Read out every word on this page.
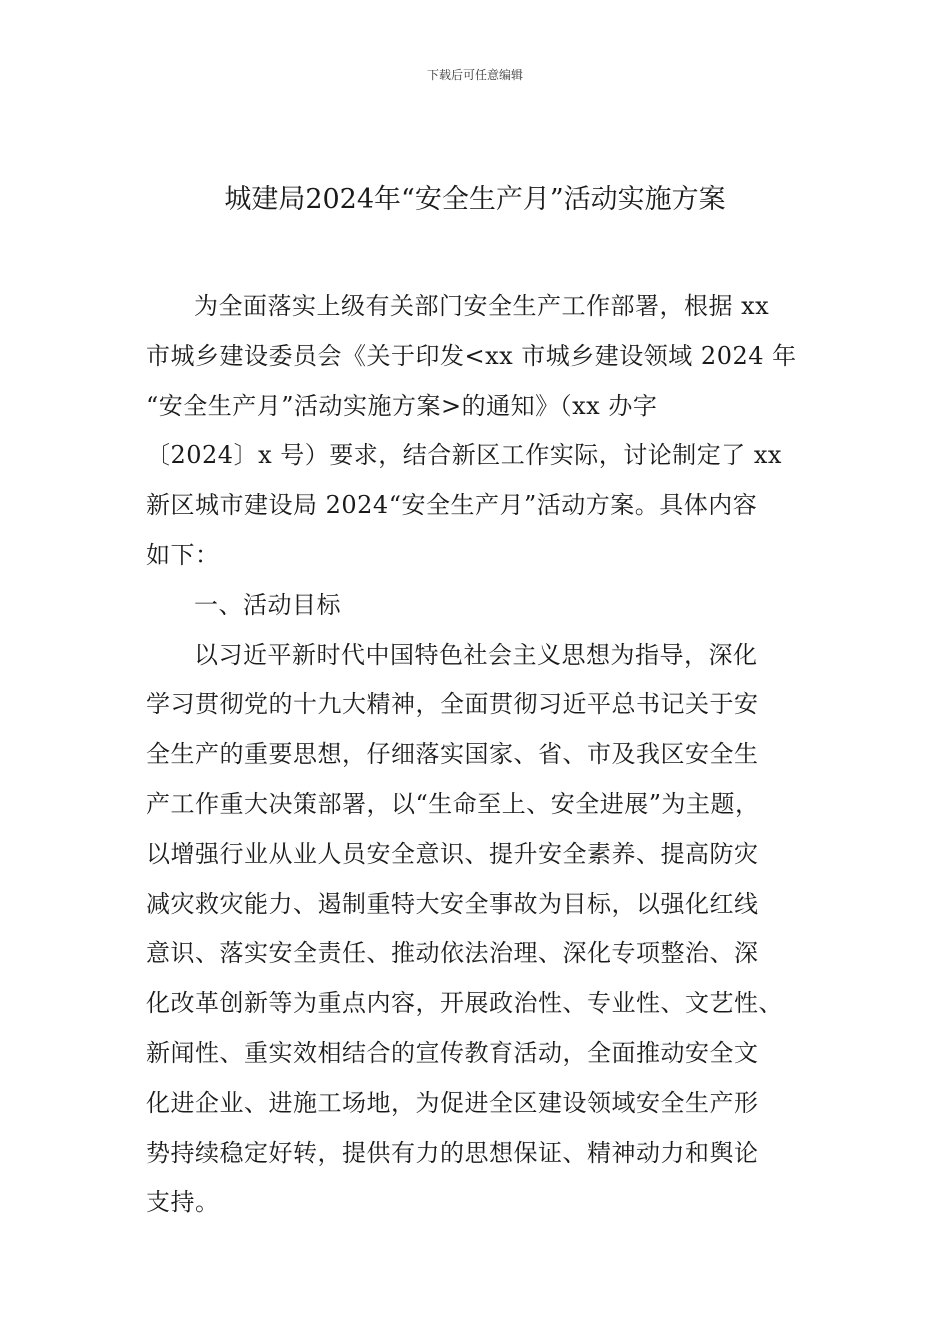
下载后可任意编辑
城建局2024年“安全生产月”活动实施方案
为全面落实上级有关部门安全生产工作部署，根据 xx
市城乡建设委员会《关于印发<xx 市城乡建设领域 2024 年
“安全生产月”活动实施方案>的通知》（xx 办字
〔2024〕x 号）要求，结合新区工作实际，讨论制定了 xx
新区城市建设局 2024“安全生产月”活动方案。具体内容
如下：
一、活动目标
以习近平新时代中国特色社会主义思想为指导，深化
学习贯彻党的十九大精神，全面贯彻习近平总书记关于安
全生产的重要思想，仔细落实国家、省、市及我区安全生
产工作重大决策部署，以“生命至上、安全进展”为主题，
以增强行业从业人员安全意识、提升安全素养、提高防灾
减灾救灾能力、遏制重特大安全事故为目标，以强化红线
意识、落实安全责任、推动依法治理、深化专项整治、深
化改革创新等为重点内容，开展政治性、专业性、文艺性、
新闻性、重实效相结合的宣传教育活动，全面推动安全文
化进企业、进施工场地，为促进全区建设领域安全生产形
势持续稳定好转，提供有力的思想保证、精神动力和舆论
支持。
